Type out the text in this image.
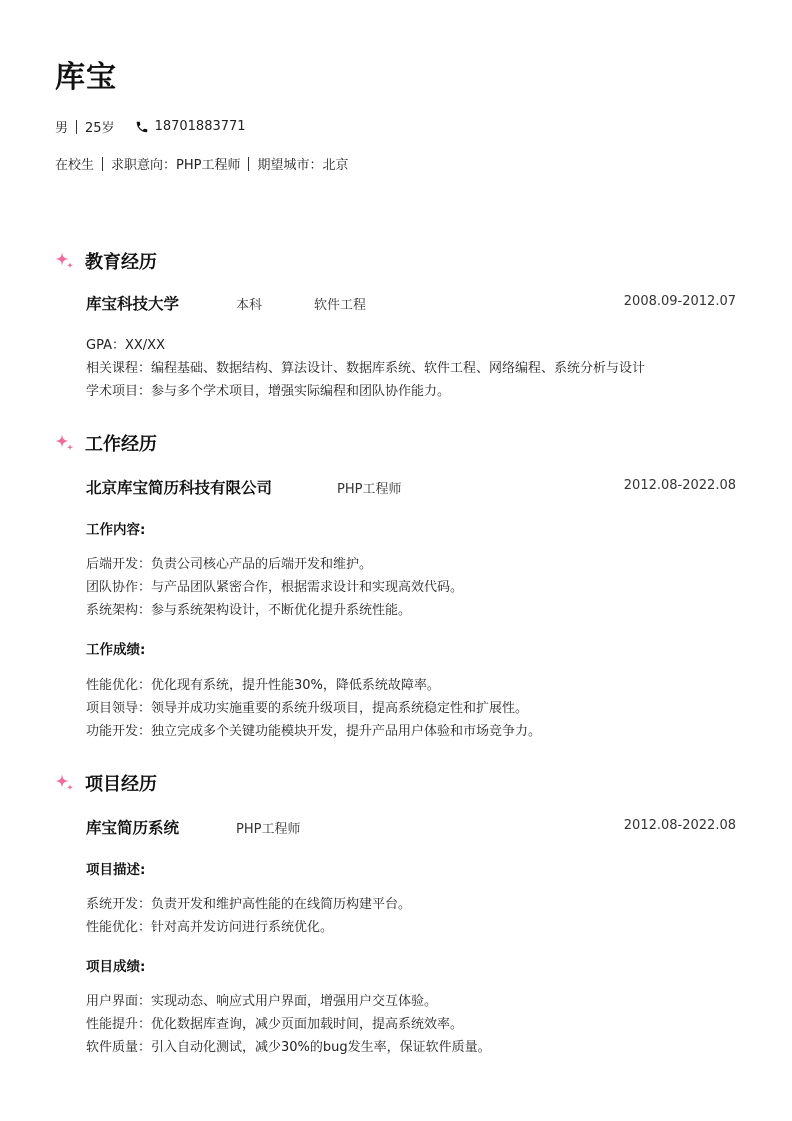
库宝
男 25岁	18701883771
在校生 求职意向：PHP工程师 期望城市：北京
教育经历
库宝科技大学	本科	软件工程	2008.09-2012.07
GPA：XX/XX
相关课程：编程基础、数据结构、算法设计、数据库系统、软件工程、网络编程、系统分析与设计
学术项目：参与多个学术项目，增强实际编程和团队协作能力。
工作经历
北京库宝简历科技有限公司	PHP工程师	2012.08-2022.08
工作内容:
后端开发：负责公司核心产品的后端开发和维护。
团队协作：与产品团队紧密合作，根据需求设计和实现高效代码。
系统架构：参与系统架构设计，不断优化提升系统性能。
工作成绩:
性能优化：优化现有系统，提升性能30%，降低系统故障率。
项目领导：领导并成功实施重要的系统升级项目，提高系统稳定性和扩展性。
功能开发：独立完成多个关键功能模块开发，提升产品用户体验和市场竞争力。
项目经历
库宝简历系统	PHP工程师	2012.08-2022.08
项目描述:
系统开发：负责开发和维护高性能的在线简历构建平台。
性能优化：针对高并发访问进行系统优化。
项目成绩:
用户界面：实现动态、响应式用户界面，增强用户交互体验。
性能提升：优化数据库查询，减少页面加载时间，提高系统效率。
软件质量：引入自动化测试，减少30%的bug发生率，保证软件质量。
